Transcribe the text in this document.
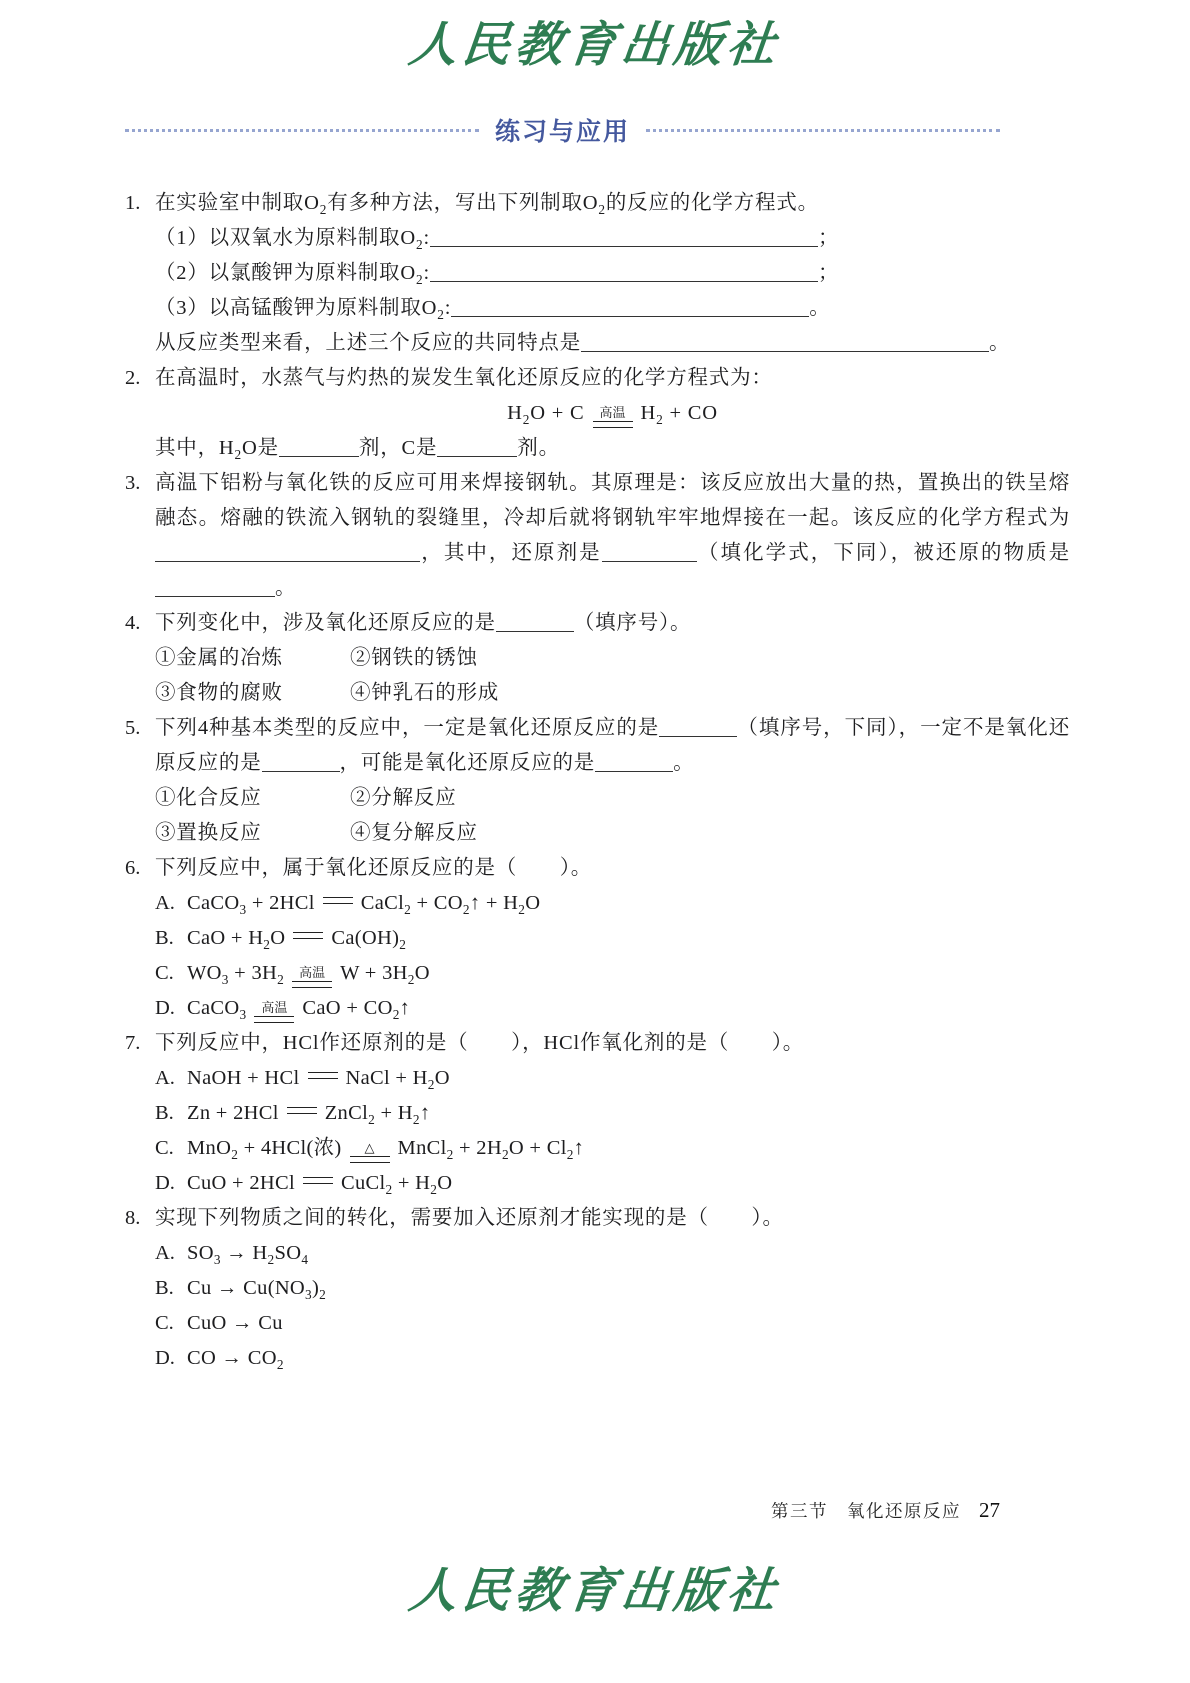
人民教育出版社
练习与应用
1. 在实验室中制取$O_2$有多种方法，写出下列制取$O_2$的反应的化学方程式。
（1）以双氧水为原料制取$O_2$:	；
（2）以氯酸钾为原料制取$O_2$:	；
（3）以高锰酸钾为原料制取$O_2$:	。
从反应类型来看，上述三个反应的共同特点是	。
2. 在高温时，水蒸气与灼热的炭发生氧化还原反应的化学方程式为：
$H_2O + C$ 高温 $H_2$ + CO
其中，$H_2O$是	剂，C是	剂。
3. 高温下铝粉与氧化铁的反应可用来焊接钢轨。其原理是：该反应放出大量的热，置换出的铁呈熔融态。熔融的铁流入钢轨的裂缝里，冷却后就将钢轨牢牢地焊接在一起。该反应的化学方程式为，其中，还原剂是	（填化学式，下同），被还原的物质是。
4. 下列变化中，涉及氧化还原反应的是	（填序号）。
①金属的冶炼	②钢铁的锈蚀
③食物的腐败	④钟乳石的形成
5. 下列4种基本类型的反应中，一定是氧化还原反应的是	（填序号，下同），一定不是氧化还原反应的是	，可能是氧化还原反应的是	。
①化合反应	②分解反应
③置换反应	④复分解反应
6. 下列反应中，属于氧化还原反应的是（　　）。
A. CaCO$_3$ + 2HCl CaCl$_2$ + $CO_2↑ + H_2O$
B. CaO + $H_2O$ $Ca(OH)_2$
C. $WO_3 + 3H_2$ 高温 $W + 3H_2O$
D. CaCO$_3$ 高温 CaO + $CO_2↑$
7. 下列反应中，HCl作还原剂的是（　　），HCl作氧化剂的是（　　）。
A. NaOH + HCl NaCl + $H_2O$
B. Zn + 2HCl ZnCl$_2$ + $H_2↑$
C. MnO$_2$ + 4HCl(浓) △ MnCl$_2$ + $2H_2O$ + $Cl_2↑$
D. CuO + 2HCl CuCl$_2$ + $H_2O$
8. 实现下列物质之间的转化，需要加入还原剂才能实现的是（　　）。
A. $SO_3 \to H_2SO_4$
B. $Cu \to Cu(NO_3)_2$
C. CuO → Cu
D. CO → $CO_2$
第三节　氧化还原反应 27
人民教育出版社
